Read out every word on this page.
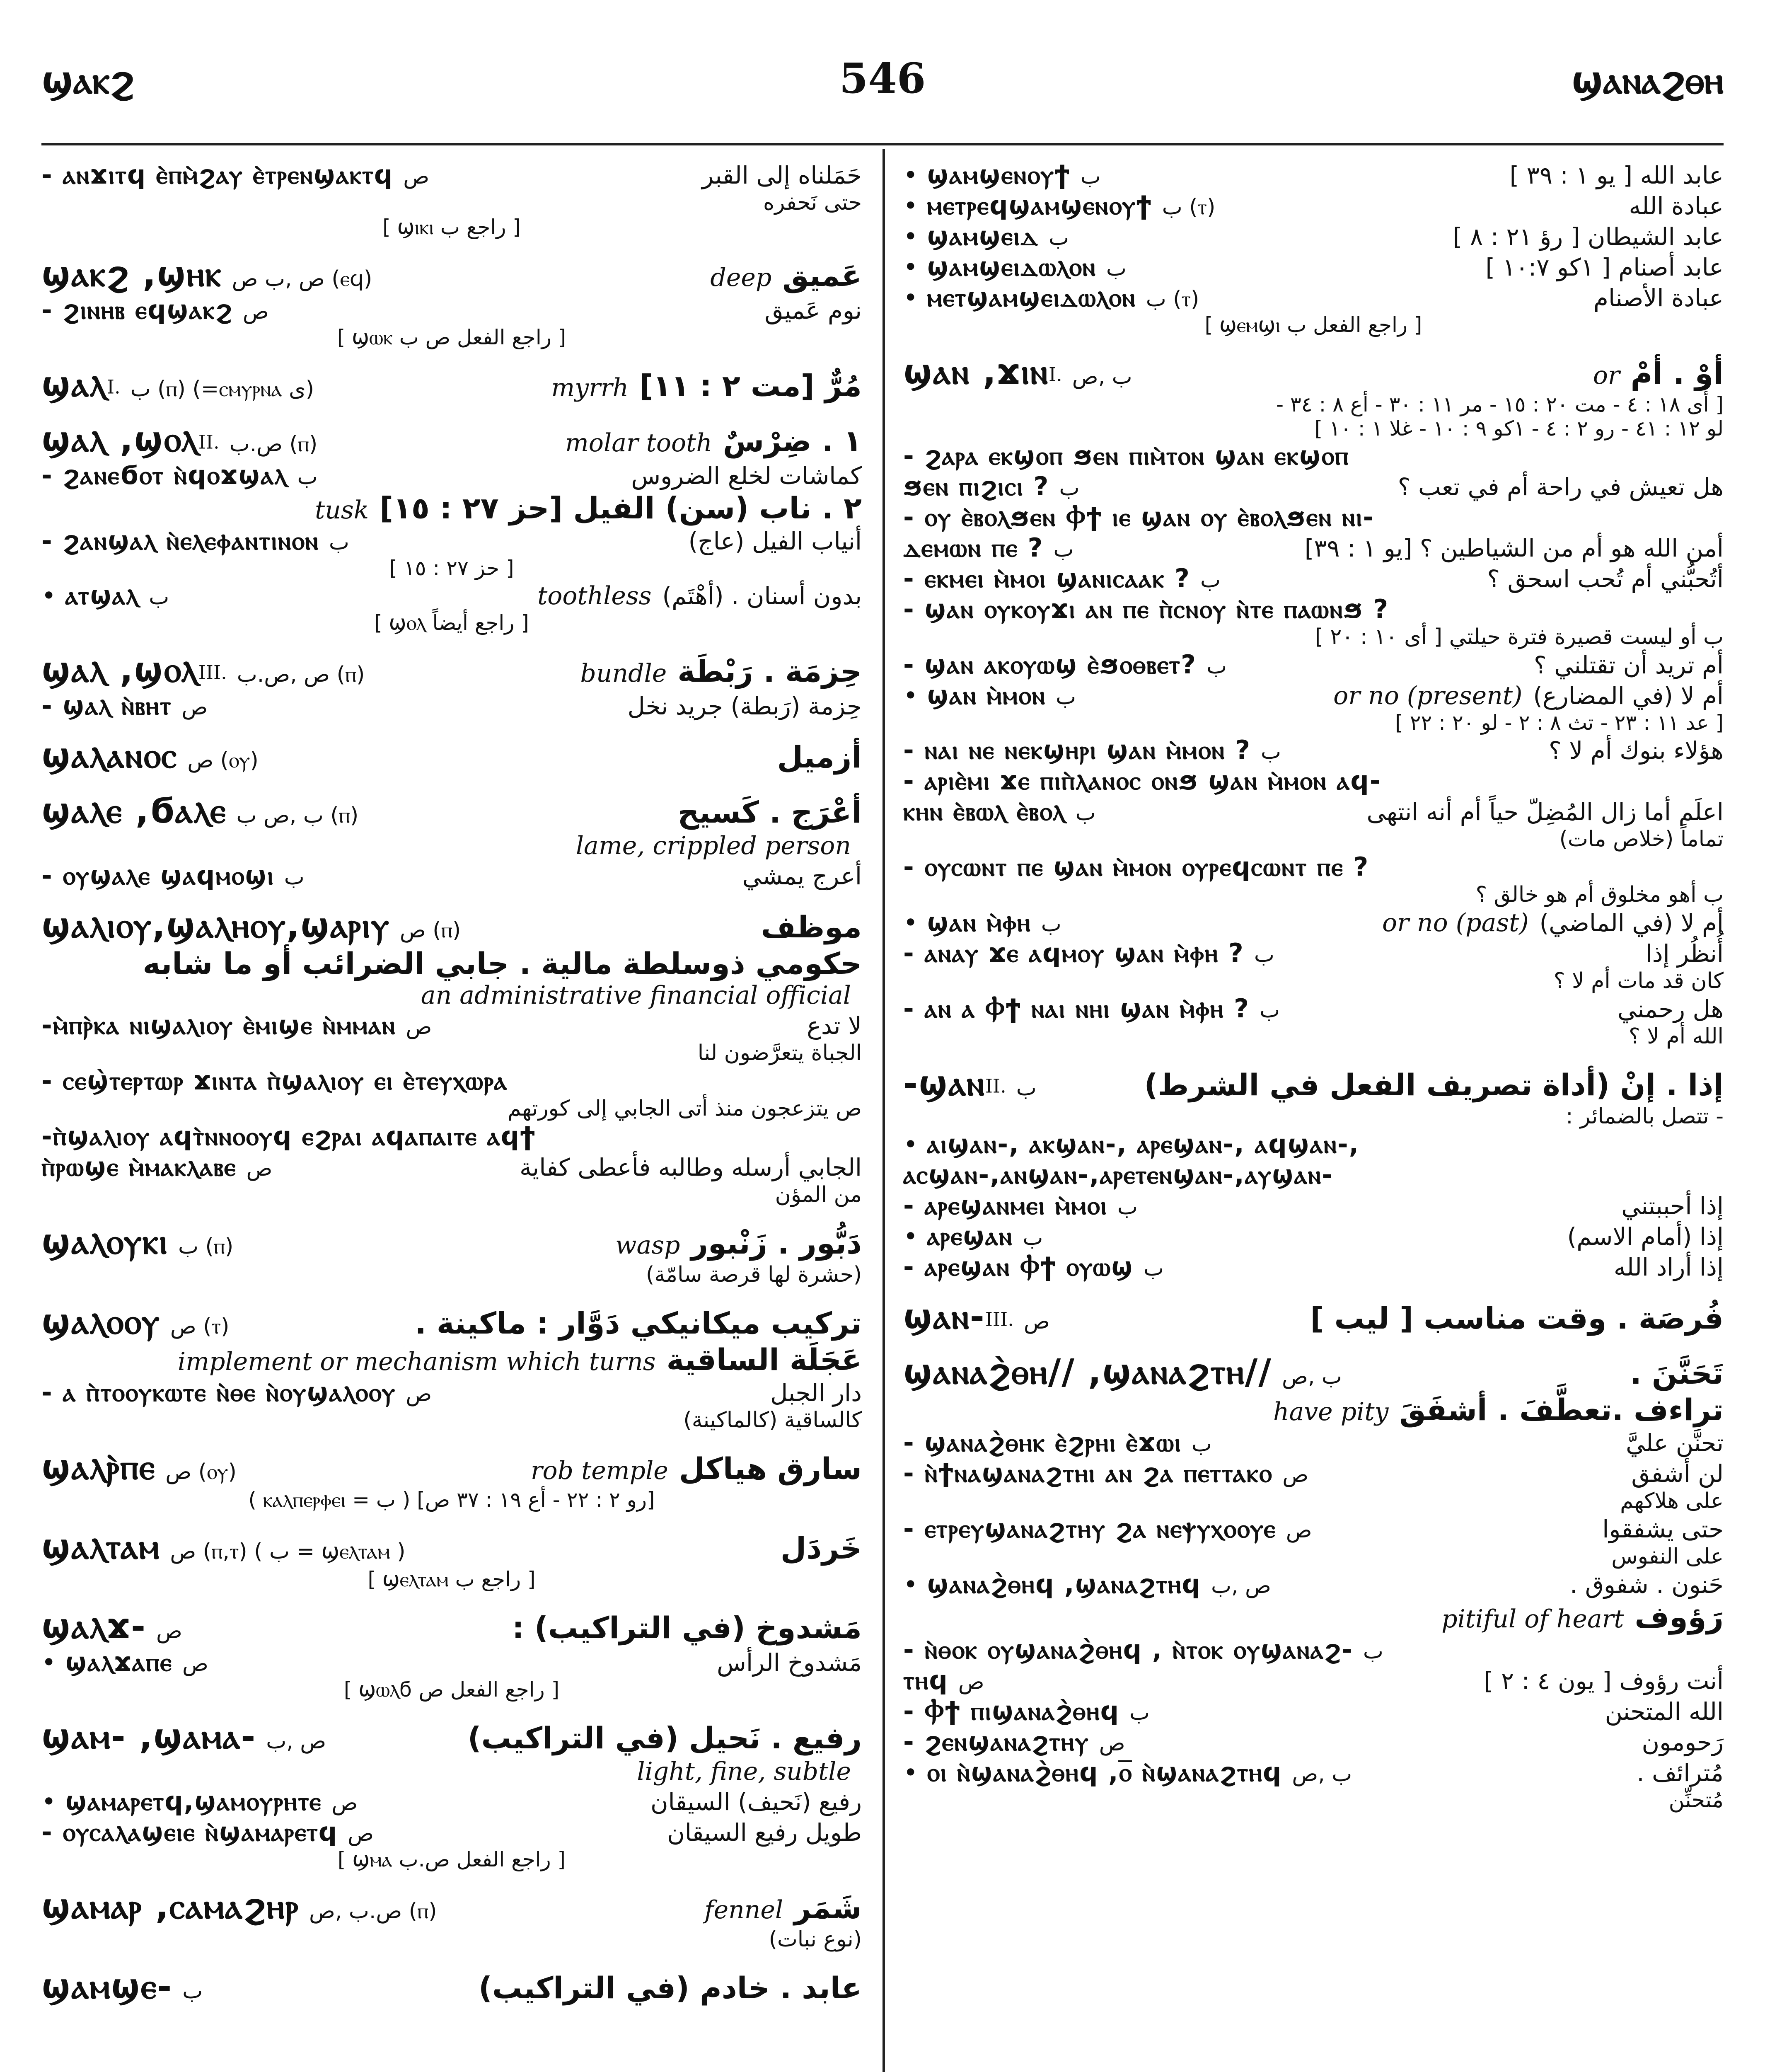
ϣⲁⲕϩ	546	ϣⲁⲛⲁϩⲑⲏ
- ⲁⲛϫⲓⲧϥ ⲉ̀ⲡⲙ̀ϩⲁⲩ ⲉ̀ⲧⲣⲉⲛϣⲁⲕⲧϥ ص	حَمَلناه إلى القبر
حتى نَحفره
[ راجع ب ϣⲓⲕⲓ ]
ϣⲁⲕϩ ,ϣⲏⲕ ص ,ب ص (ⲉϥ)	deep عَميق
- ϩⲓⲛⲏⲃ ⲉϥϣⲁⲕϩ ص	نوم عَميق
[ راجع الفعل ص ب ϣⲱⲕ ]
ϣⲁⲗI. ب (ⲡ) (=ⲥⲙⲩⲣⲛⲁ ى)	myrrh مُرٌّ [مت ٢ : ١١]
ϣⲁⲗ ,ϣⲟⲗII. ص.ب (ⲡ)	molar tooth ١ . ضِرْسٌ
- ϩⲁⲛⲉϭⲟⲧ ⲛ̀ϥⲟϫϣⲁⲗ ب	كماشات لخلع الضروس
tusk ٢ . ناب (سن) الفيل [حز ٢٧ : ١٥]
- ϩⲁⲛϣⲁⲗ ⲛ̀ⲉⲗⲉⲫⲁⲛⲧⲓⲛⲟⲛ ب	أنياب الفيل (عاج)
[ حز ٢٧ : ١٥ ]
• ⲁⲧϣⲁⲗ ب	toothless بدون أسنان . (أهْتَم)
[ راجع أيضاً ϣⲟⲗ ]
ϣⲁⲗ ,ϣⲟⲗIII. ص ,ص.ب (ⲡ)	bundle حِزمَة . رَبْطَة
- ϣⲁⲗ ⲛ̀ⲃⲏⲧ ص	حِزمة (رَبطة) جريد نخل
ϣⲁⲗⲁⲛⲟⲥ ص (ⲟⲩ)	أزميل
ϣⲁⲗⲉ ,ϭⲁⲗⲉ ب ,ص ب (ⲡ)	أعْرَج . كَسيح
lame, crippled person
- ⲟⲩϣⲁⲗⲉ ϣⲁϥⲙⲟϣⲓ ب	أعرج يمشي
ϣⲁⲗⲓⲟⲩ,ϣⲁⲗⲏⲟⲩ,ϣⲁⲣⲓⲩ ص (ⲡ)	موظف
حكومي ذوسلطة مالية . جابي الضرائب أو ما شابه
an administrative financial official
-ⲙ̀ⲡⲣ̀ⲕⲁ ⲛⲓϣⲁⲗⲓⲟⲩ ⲉ̀ⲙⲓϣⲉ ⲛ̀ⲙⲙⲁⲛ ص	لا تدع
الجباة يتعرَّضون لنا
- ⲥⲉϣ̀ⲧⲉⲣⲧⲱⲣ ϫⲓⲛⲧⲁ ⲡ̀ϣⲁⲗⲓⲟⲩ ⲉⲓ ⲉ̀ⲧⲉⲩⲭⲱⲣⲁ
ص يتزعجون منذ أتى الجابي إلى كورتهم
-ⲡ̀ϣⲁⲗⲓⲟⲩ ⲁϥⲧ̀ⲛⲛⲟⲟⲩϥ ⲉϩⲣⲁⲓ ⲁϥⲁⲡⲁⲓⲧⲉ ⲁϥϯ
ⲡ̀ⲣⲱϣⲉ ⲙ̀ⲙⲁⲕⲗⲁⲃⲉ ص	الجابي أرسله وطالبه فأعطى كفاية
من المؤن
ϣⲁⲗⲟⲩⲕⲓ ب (ⲡ)	wasp دَبُّور . زَنْبور
(حشرة لها قرصة سامّة)
ϣⲁⲗⲟⲟⲩ ص (ⲧ)	تركيب ميكانيكي دَوَّار : ماكينة .
implement or mechanism which turns عَجَلَة الساقية
- ⲁ ⲡ̀ⲧⲟⲟⲩⲕⲱⲧⲉ ⲛ̀ⲑⲉ ⲛ̀ⲟⲩϣⲁⲗⲟⲟⲩ ص	دار الجبل
كالساقية (كالماكينة)
ϣⲁⲗⲣ̀ⲡⲉ ص (ⲟⲩ)	rob temple سارق هياكل
[رو ٢ : ٢٢ - أع ١٩ : ٣٧ ص] ( ب = ⲕⲁⲗⲡⲉⲣⲫⲉⲓ )
ϣⲁⲗⲧⲁⲙ ص (ⲡ,ⲧ) ( ب = ϣⲉⲗⲧⲁⲙ )	خَردَل
[ راجع ب ϣⲉⲗⲧⲁⲙ ]
ϣⲁⲗϫ- ص	مَشدوخ (في التراكيب) :
• ϣⲁⲗϫⲁⲡⲉ ص	مَشدوخ الرأس
[ راجع الفعل ص ϣⲱⲗϭ ]
ϣⲁⲙ- ,ϣⲁⲙⲁ- ص ,ب	رفيع . نَحيل (في التراكيب)
light, fine, subtle
• ϣⲁⲙⲁⲣⲉⲧϥ,ϣⲁⲙⲟⲩⲣⲏⲧⲉ ص	رفيع (نَحيف) السيقان
- ⲟⲩⲥⲁⲗⲁϣⲉⲓⲉ ⲛ̀ϣⲁⲙⲁⲣⲉⲧϥ ص	طويل رفيع السيقان
[ راجع الفعل ص.ب ϣⲙⲁ ]
ϣⲁⲙⲁⲣ ,ⲥⲁⲙⲁϩⲏⲣ ص.ب ,ص (ⲡ)	fennel شَمَر
(نوع نبات)
ϣⲁⲙϣⲉ- ب	عابد . خادم (في التراكيب)
• ϣⲁⲙϣⲉⲛⲟⲩϯ ب	عابد الله [ يو ١ : ٣٩ ]
• ⲙⲉⲧⲣⲉϥϣⲁⲙϣⲉⲛⲟⲩϯ ب (ⲧ)	عبادة الله
• ϣⲁⲙϣⲉⲓⲇ ب	عابد الشيطان [ رؤ ٢١ : ٨ ]
• ϣⲁⲙϣⲉⲓⲇⲱⲗⲟⲛ ب	عابد أصنام [ ١كو ١٠:٧ ]
• ⲙⲉⲧϣⲁⲙϣⲉⲓⲇⲱⲗⲟⲛ ب (ⲧ)	عبادة الأصنام
[ راجع الفعل ب ϣⲉⲙϣⲓ ]
ϣⲁⲛ ,ϫⲓⲛI. ب ,ص	or أوْ . أمْ
[ أى ١٨ : ٤ - مت ٢٠ : ١٥ - مر ١١ : ٣٠ - أع ٨ : ٣٤ -
لو ١٢ : ٤١ - رو ٢ : ٤ - ١كو ٩ : ١٠ - غلا ١ : ١٠ ]
- ϩⲁⲣⲁ ⲉⲕϣⲟⲡ ϧⲉⲛ ⲡⲓⲙ̀ⲧⲟⲛ ϣⲁⲛ ⲉⲕϣⲟⲡ
ϧⲉⲛ ⲡⲓϩⲓⲥⲓ ? ب	هل تعيش في راحة أم في تعب ؟
- ⲟⲩ ⲉ̀ⲃⲟⲗϧⲉⲛ Ⲫϯ ⲓⲉ ϣⲁⲛ ⲟⲩ ⲉ̀ⲃⲟⲗϧⲉⲛ ⲛⲓ-
ⲇⲉⲙⲱⲛ ⲡⲉ ? ب	أمن الله هو أم من الشياطين ؟ [يو ١ : ٣٩]
- ⲉⲕⲙⲉⲓ ⲙ̀ⲙⲟⲓ ϣⲁⲛⲓⲥⲁⲁⲕ ? ب	أتُحبُّني أم تُحب اسحق ؟
- ϣⲁⲛ ⲟⲩⲕⲟⲩϫⲓ ⲁⲛ ⲡⲉ ⲡ̀ⲥⲛⲟⲩ ⲛ̀ⲧⲉ ⲡⲁⲱⲛϧ ?
ب أو ليست قصيرة فترة حيلتي [ أى ١٠ : ٢٠ ]
- ϣⲁⲛ ⲁⲕⲟⲩⲱϣ ⲉ̀ϧⲟⲑⲃⲉⲧ? ب	أم تريد أن تقتلني ؟
• ϣⲁⲛ ⲙ̀ⲙⲟⲛ ب	or no (present) أم لا (في المضارع)
[ عد ١١ : ٢٣ - تث ٨ : ٢ - لو ٢٠ : ٢٢ ]
- ⲛⲁⲓ ⲛⲉ ⲛⲉⲕϣⲏⲣⲓ ϣⲁⲛ ⲙ̀ⲙⲟⲛ ? ب	هؤلاء بنوك أم لا ؟
- ⲁⲣⲓⲉ̀ⲙⲓ ϫⲉ ⲡⲓⲡ̀ⲗⲁⲛⲟⲥ ⲟⲛϧ ϣⲁⲛ ⲙ̀ⲙⲟⲛ ⲁϥ-
ⲕⲏⲛ ⲉ̀ⲃⲱⲗ ⲉ̀ⲃⲟⲗ ب	اعلَم أما زال المُضِلّ حياً أم أنه انتهى
تماماً (خلاص مات)
- ⲟⲩⲥⲱⲛⲧ ⲡⲉ ϣⲁⲛ ⲙ̀ⲙⲟⲛ ⲟⲩⲣⲉϥⲥⲱⲛⲧ ⲡⲉ ?
ب أهو مخلوق أم هو خالق ؟
• ϣⲁⲛ ⲙ̀ⲫⲏ ب	or no (past) أم لا (في الماضي)
- ⲁⲛⲁⲩ ϫⲉ ⲁϥⲙⲟⲩ ϣⲁⲛ ⲙ̀ⲫⲏ ? ب	أُنظُر إذا
كان قد مات أم لا ؟
- ⲁⲛ ⲁ Ⲫϯ ⲛⲁⲓ ⲛⲏⲓ ϣⲁⲛ ⲙ̀ⲫⲏ ? ب	هل رحمني
الله أم لا ؟
-ϣⲁⲛII. ب	إذا . إنْ (أداة تصريف الفعل في الشرط)
- تتصل بالضمائر :
• ⲁⲓϣⲁⲛ-, ⲁⲕϣⲁⲛ-, ⲁⲣⲉϣⲁⲛ-, ⲁϥϣⲁⲛ-,
ⲁⲥϣⲁⲛ-,ⲁⲛϣⲁⲛ-,ⲁⲣⲉⲧⲉⲛϣⲁⲛ-,ⲁⲩϣⲁⲛ-
- ⲁⲣⲉϣⲁⲛⲙⲉⲓ ⲙ̀ⲙⲟⲓ ب	إذا أحببتني
• ⲁⲣⲉϣⲁⲛ ب	إذا (أمام الاسم)
- ⲁⲣⲉϣⲁⲛ Ⲫϯ ⲟⲩⲱϣ ب	إذا أراد الله
ϣⲁⲛ-III. ص	فُرصَة . وقت مناسب [ ليب ]
ϣⲁⲛⲁϩ̀ⲑⲏ// ,ϣⲁⲛⲁϩⲧⲏ// ب ,ص	تَحَنَّنَ .
have pity تراءف .تعطَّفَ . أشفَقَ
- ϣⲁⲛⲁϩ̀ⲑⲏⲕ ⲉ̀ϩⲣⲏⲓ ⲉ̀ϫⲱⲓ ب	تحنَّن عليَّ
- ⲛ̀ϯⲛⲁϣⲁⲛⲁϩⲧⲏⲓ ⲁⲛ ϩⲁ ⲡⲉⲧⲧⲁⲕⲟ ص	لن أشفق
على هلاكهم
- ⲉⲧⲣⲉⲩϣⲁⲛⲁϩⲧⲏⲩ ϩⲁ ⲛⲉⲯⲩⲭⲟⲟⲩⲉ ص	حتى يشفقوا
على النفوس
• ϣⲁⲛⲁϩ̀ⲑⲏϥ ,ϣⲁⲛⲁϩⲧⲏϥ ص ,ب	حَنون . شفوق .
pitiful of heart رَؤوف
- ⲛ̀ⲑⲟⲕ ⲟⲩϣⲁⲛⲁϩ̀ⲑⲏϥ , ⲛ̀ⲧⲟⲕ ⲟⲩϣⲁⲛⲁϩ- ب
ⲧⲏϥ ص	أنت رؤوف [ يون ٤ : ٢ ]
- Ⲫϯ ⲡⲓϣⲁⲛⲁϩ̀ⲑⲏϥ ب	الله المتحنن
- ϩⲉⲛϣⲁⲛⲁϩⲧⲏⲩ ص	رَحومون
• ⲟⲓ ⲛ̀ϣⲁⲛⲁϩ̀ⲑⲏϥ ,ⲟ̅ ⲛ̀ϣⲁⲛⲁϩⲧⲏϥ ب ,ص	مُترائف .
مُتحنِّن
